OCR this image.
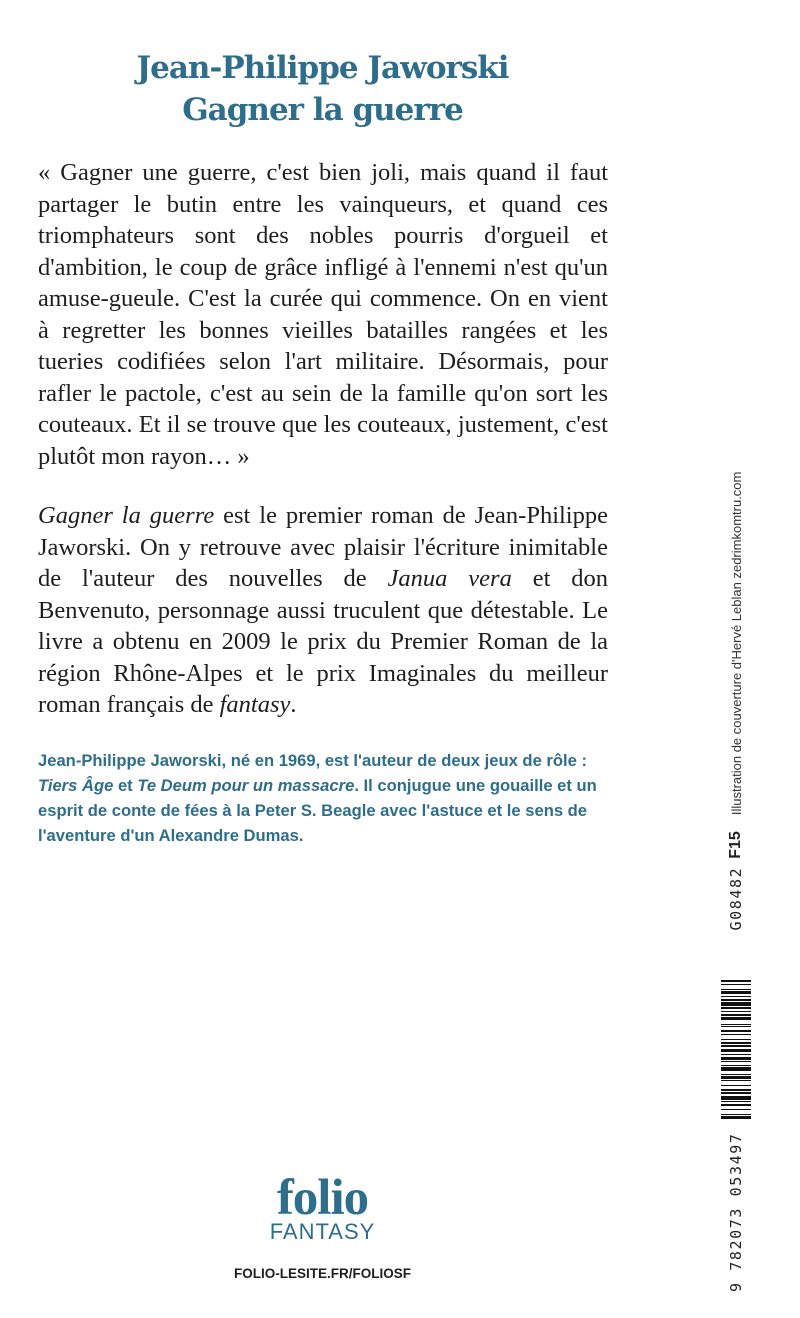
Jean-Philippe Jaworski
Gagner la guerre
« Gagner une guerre, c'est bien joli, mais quand il faut partager le butin entre les vainqueurs, et quand ces triomphateurs sont des nobles pourris d'orgueil et d'ambition, le coup de grâce infligé à l'ennemi n'est qu'un amuse-gueule. C'est la curée qui commence. On en vient à regretter les bonnes vieilles batailles rangées et les tueries codifiées selon l'art militaire. Désormais, pour rafler le pactole, c'est au sein de la famille qu'on sort les couteaux. Et il se trouve que les couteaux, justement, c'est plutôt mon rayon… »
Gagner la guerre est le premier roman de Jean-Philippe Jaworski. On y retrouve avec plaisir l'écriture inimitable de l'auteur des nouvelles de Janua vera et don Benvenuto, personnage aussi truculent que détestable. Le livre a obtenu en 2009 le prix du Premier Roman de la région Rhône-Alpes et le prix Imaginales du meilleur roman français de fantasy.
Jean-Philippe Jaworski, né en 1969, est l'auteur de deux jeux de rôle : Tiers Âge et Te Deum pour un massacre. Il conjugue une gouaille et un esprit de conte de fées à la Peter S. Beagle avec l'astuce et le sens de l'aventure d'un Alexandre Dumas.
9 782073 053497
G08482
F15
Illustration de couverture d'Hervé Leblan zedrimkomtru.com
folio
FANTASY
FOLIO-LESITE.FR/FOLIOSF
